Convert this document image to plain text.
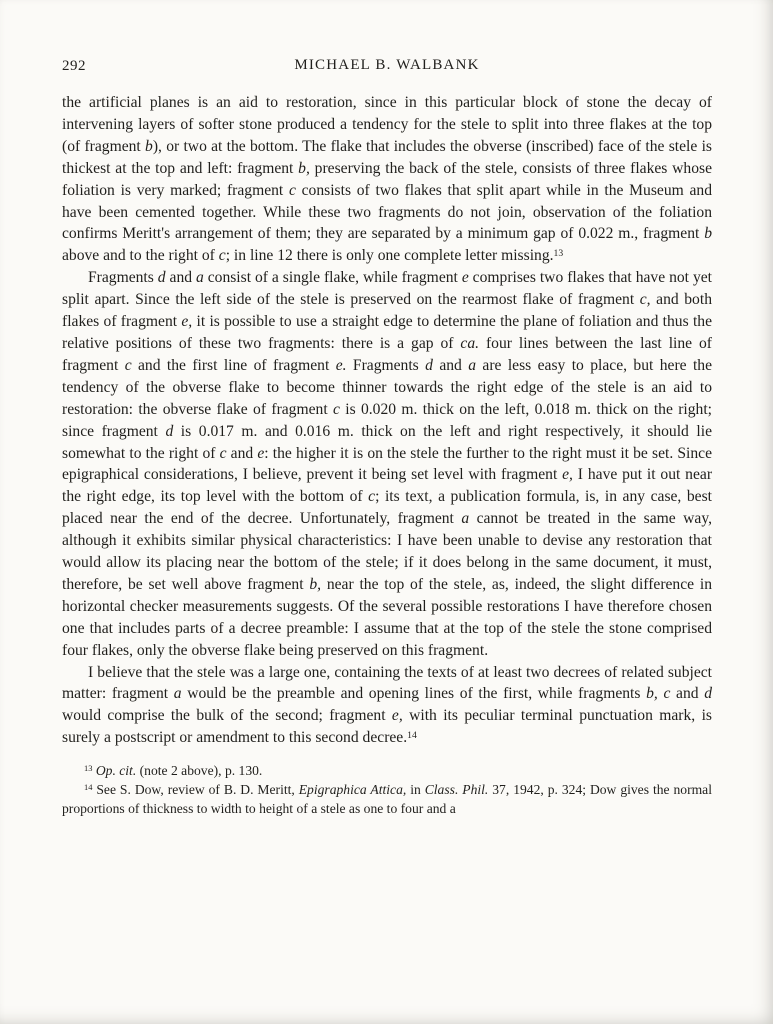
292	MICHAEL B. WALBANK

the artificial planes is an aid to restoration, since in this particular block of stone the decay of intervening layers of softer stone produced a tendency for the stele to split into three flakes at the top (of fragment b), or two at the bottom. The flake that includes the obverse (inscribed) face of the stele is thickest at the top and left: fragment b, preserving the back of the stele, consists of three flakes whose foliation is very marked; fragment c consists of two flakes that split apart while in the Museum and have been cemented together. While these two fragments do not join, observation of the foliation confirms Meritt's arrangement of them; they are separated by a minimum gap of 0.022 m., fragment b above and to the right of c; in line 12 there is only one complete letter missing.$^{13}$

Fragments d and a consist of a single flake, while fragment e comprises two flakes that have not yet split apart. Since the left side of the stele is preserved on the rearmost flake of fragment c, and both flakes of fragment e, it is possible to use a straight edge to determine the plane of foliation and thus the relative positions of these two fragments: there is a gap of ca. four lines between the last line of fragment c and the first line of fragment e. Fragments d and a are less easy to place, but here the tendency of the obverse flake to become thinner towards the right edge of the stele is an aid to restoration: the obverse flake of fragment c is 0.020 m. thick on the left, 0.018 m. thick on the right; since fragment d is 0.017 m. and 0.016 m. thick on the left and right respectively, it should lie somewhat to the right of c and e: the higher it is on the stele the further to the right must it be set. Since epigraphical considerations, I believe, prevent it being set level with fragment e, I have put it out near the right edge, its top level with the bottom of c; its text, a publication formula, is, in any case, best placed near the end of the decree. Unfortunately, fragment a cannot be treated in the same way, although it exhibits similar physical characteristics: I have been unable to devise any restoration that would allow its placing near the bottom of the stele; if it does belong in the same document, it must, therefore, be set well above fragment b, near the top of the stele, as, indeed, the slight difference in horizontal checker measurements suggests. Of the several possible restorations I have therefore chosen one that includes parts of a decree preamble: I assume that at the top of the stele the stone comprised four flakes, only the obverse flake being preserved on this fragment.

I believe that the stele was a large one, containing the texts of at least two decrees of related subject matter: fragment a would be the preamble and opening lines of the first, while fragments b, c and d would comprise the bulk of the second; fragment e, with its peculiar terminal punctuation mark, is surely a postscript or amendment to this second decree.$^{14}$

$^{13}$ Op. cit. (note 2 above), p. 130.

$^{14}$ See S. Dow, review of B. D. Meritt, Epigraphica Attica, in Class. Phil. 37, 1942, p. 324; Dow gives the normal proportions of thickness to width to height of a stele as one to four and a
